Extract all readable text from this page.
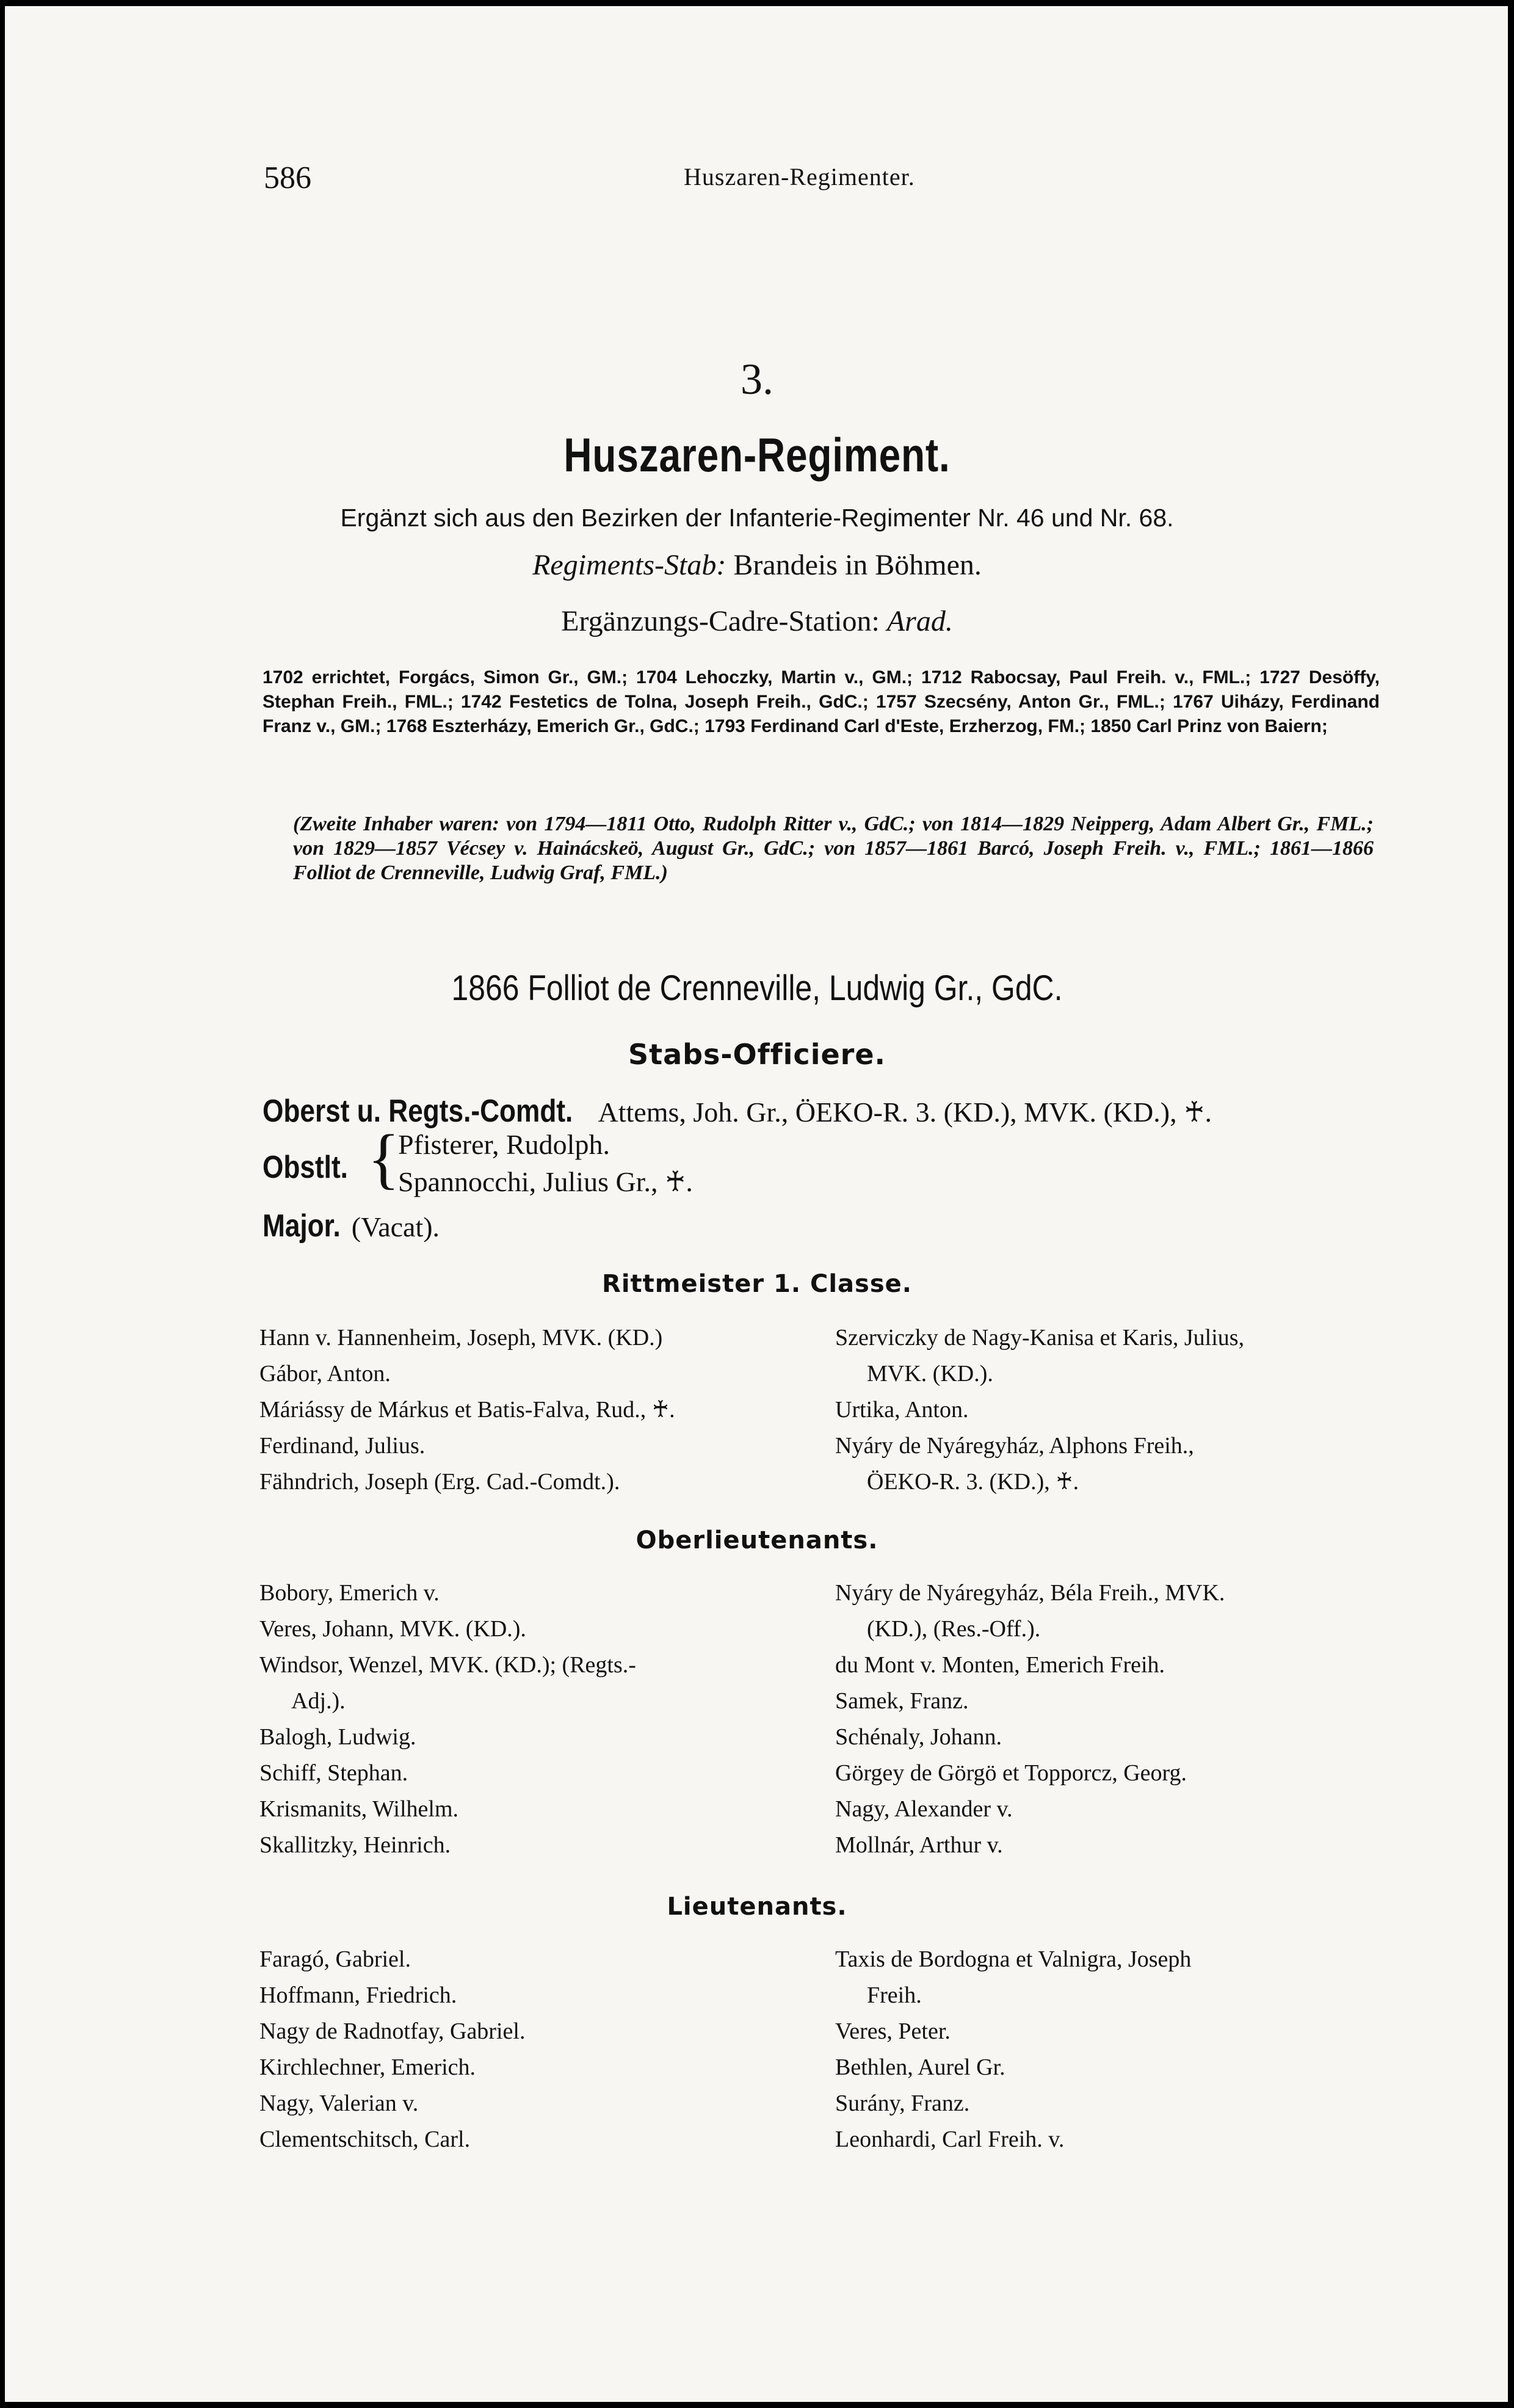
586	Huszaren-Regimenter.
3.
Huszaren-Regiment.
Ergänzt sich aus den Bezirken der Infanterie-Regimenter Nr. 46 und Nr. 68.
Regiments-Stab: Brandeis in Böhmen.
Ergänzungs-Cadre-Station: Arad.
1702 errichtet, Forgács, Simon Gr., GM.; 1704 Lehoczky, Martin v., GM.; 1712 Rabocsay, Paul Freih. v., FML.; 1727 Desöffy, Stephan Freih., FML.; 1742 Festetics de Tolna, Joseph Freih., GdC.; 1757 Szecsény, Anton Gr., FML.; 1767 Uiházy, Ferdinand Franz v., GM.; 1768 Eszterházy, Emerich Gr., GdC.; 1793 Ferdinand Carl d'Este, Erzherzog, FM.; 1850 Carl Prinz von Baiern;
(Zweite Inhaber waren: von 1794—1811 Otto, Rudolph Ritter v., GdC.; von 1814—1829 Neipperg, Adam Albert Gr., FML.; von 1829—1857 Vécsey v. Hainácskeö, August Gr., GdC.; von 1857—1861 Barcó, Joseph Freih. v., FML.; 1861—1866 Folliot de Crenneville, Ludwig Graf, FML.)
1866 Folliot de Crenneville, Ludwig Gr., GdC.
Stabs-Officiere.
Oberst u. Regts.-Comdt. Attems, Joh. Gr., ÖEKO-R. 3. (KD.), MVK. (KD.), ♰.
Obstlt. {
Pfisterer, Rudolph.
Spannocchi, Julius Gr., ♰.
Major. (Vacat).
Rittmeister 1. Classe.
Hann v. Hannenheim, Joseph, MVK. (KD.)
Gábor, Anton.
Máriássy de Márkus et Batis-Falva, Rud., ♰.
Ferdinand, Julius.
Fähndrich, Joseph (Erg. Cad.-Comdt.).
Szerviczky de Nagy-Kanisa et Karis, Julius,
MVK. (KD.).
Urtika, Anton.
Nyáry de Nyáregyház, Alphons Freih.,
ÖEKO-R. 3. (KD.), ♰.
Oberlieutenants.
Bobory, Emerich v.
Veres, Johann, MVK. (KD.).
Windsor, Wenzel, MVK. (KD.); (Regts.-
Adj.).
Balogh, Ludwig.
Schiff, Stephan.
Krismanits, Wilhelm.
Skallitzky, Heinrich.
Nyáry de Nyáregyház, Béla Freih., MVK.
(KD.), (Res.-Off.).
du Mont v. Monten, Emerich Freih.
Samek, Franz.
Schénaly, Johann.
Görgey de Görgö et Topporcz, Georg.
Nagy, Alexander v.
Mollnár, Arthur v.
Lieutenants.
Faragó, Gabriel.
Hoffmann, Friedrich.
Nagy de Radnotfay, Gabriel.
Kirchlechner, Emerich.
Nagy, Valerian v.
Clementschitsch, Carl.
Taxis de Bordogna et Valnigra, Joseph
Freih.
Veres, Peter.
Bethlen, Aurel Gr.
Surány, Franz.
Leonhardi, Carl Freih. v.
